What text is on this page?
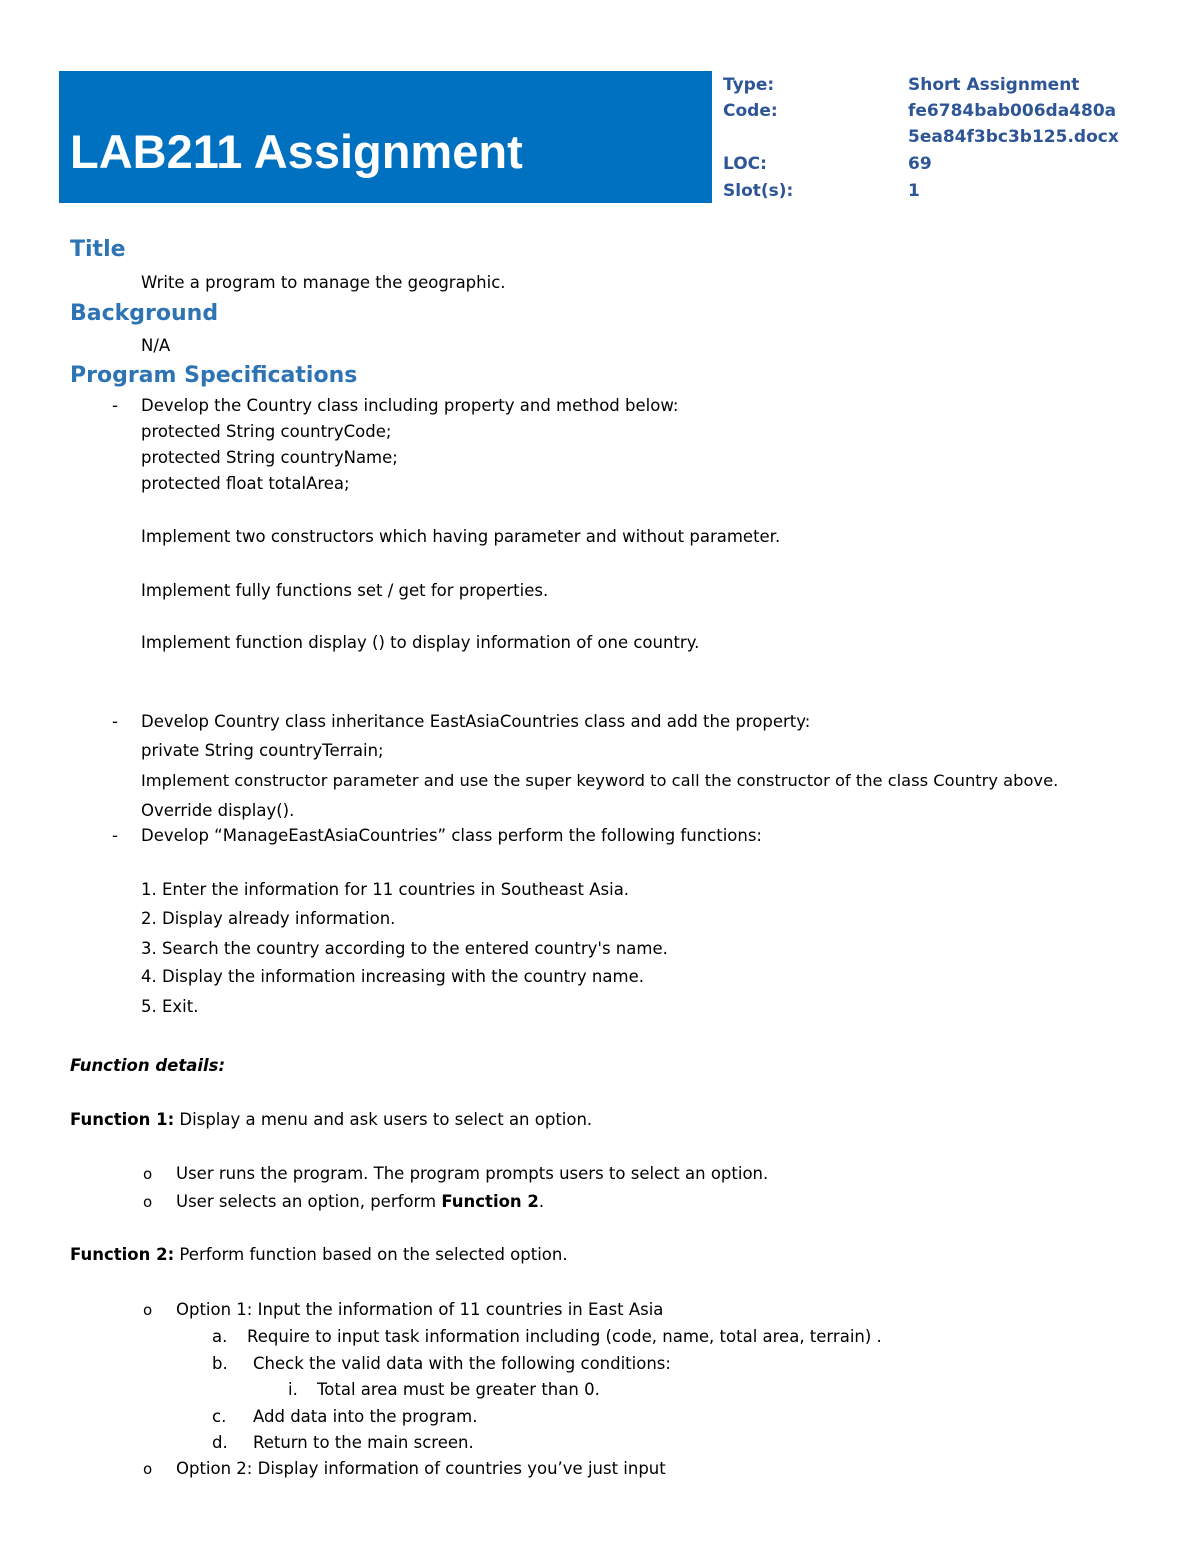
LAB211 Assignment
Type:	Short Assignment
Code:	fe6784bab006da480a
5ea84f3bc3b125.docx
LOC:	69
Slot(s):	1
Title
Write a program to manage the geographic.
Background
N/A
Program Specifications
- Develop the Country class including property and method below:
protected String countryCode;
protected String countryName;
protected float totalArea;
Implement two constructors which having parameter and without parameter.
Implement fully functions set / get for properties.
Implement function display () to display information of one country.
- Develop Country class inheritance EastAsiaCountries class and add the property:
private String countryTerrain;
Implement constructor parameter and use the super keyword to call the constructor of the class Country above.
Override display().
- Develop “ManageEastAsiaCountries” class perform the following functions:
1. Enter the information for 11 countries in Southeast Asia.
2. Display already information.
3. Search the country according to the entered country's name.
4. Display the information increasing with the country name.
5. Exit.
Function details:
Function 1: Display a menu and ask users to select an option.
o User runs the program. The program prompts users to select an option.
o User selects an option, perform Function 2.
Function 2: Perform function based on the selected option.
o Option 1: Input the information of 11 countries in East Asia
a. Require to input task information including (code, name, total area, terrain) .
b. Check the valid data with the following conditions:
i. Total area must be greater than 0.
c. Add data into the program.
d. Return to the main screen.
o Option 2: Display information of countries you’ve just input
